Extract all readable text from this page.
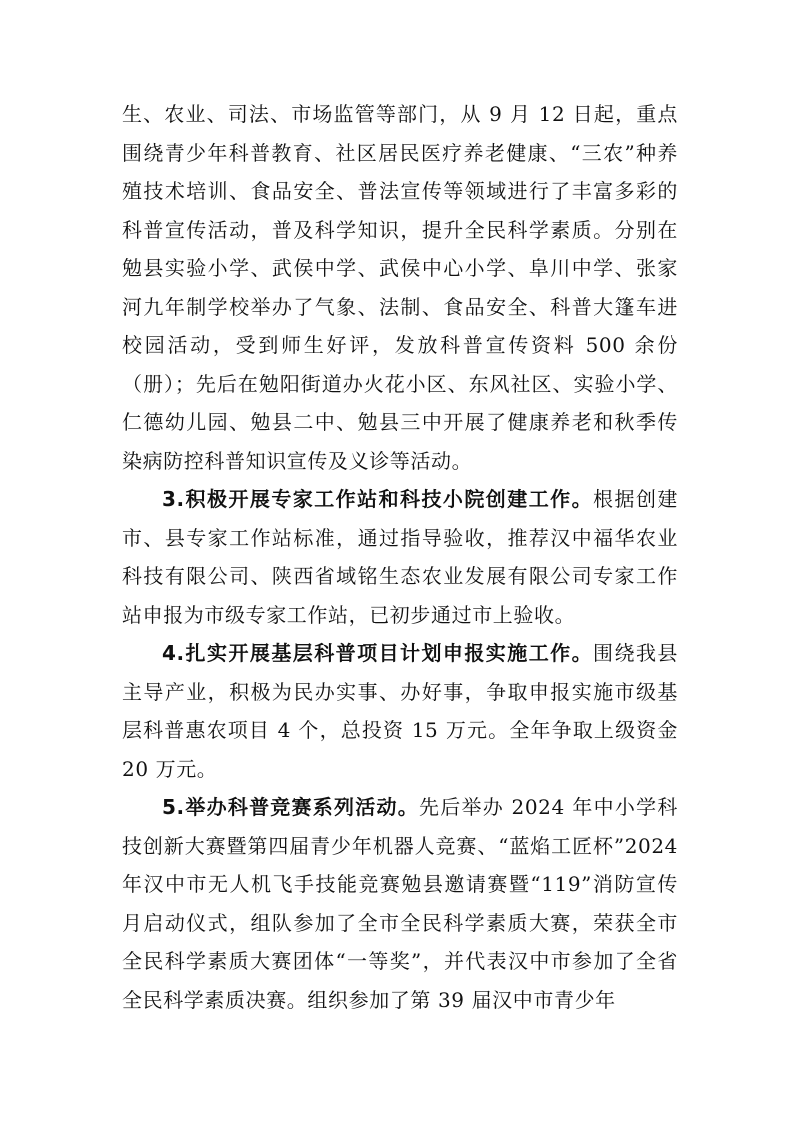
生、农业、司法、市场监管等部门，从 9 月 12 日起，重点围绕青少年科普教育、社区居民医疗养老健康、“三农”种养殖技术培训、食品安全、普法宣传等领域进行了丰富多彩的科普宣传活动，普及科学知识，提升全民科学素质。分别在勉县实验小学、武侯中学、武侯中心小学、阜川中学、张家河九年制学校举办了气象、法制、食品安全、科普大篷车进校园活动，受到师生好评，发放科普宣传资料 500 余份（册）；先后在勉阳街道办火花小区、东风社区、实验小学、仁德幼儿园、勉县二中、勉县三中开展了健康养老和秋季传染病防控科普知识宣传及义诊等活动。

3.积极开展专家工作站和科技小院创建工作。根据创建市、县专家工作站标准，通过指导验收，推荐汉中福华农业科技有限公司、陕西省域铭生态农业发展有限公司专家工作站申报为市级专家工作站，已初步通过市上验收。

4.扎实开展基层科普项目计划申报实施工作。围绕我县主导产业，积极为民办实事、办好事，争取申报实施市级基层科普惠农项目 4 个，总投资 15 万元。全年争取上级资金 20 万元。

5.举办科普竞赛系列活动。先后举办 2024 年中小学科技创新大赛暨第四届青少年机器人竞赛、“蓝焰工匠杯”2024 年汉中市无人机飞手技能竞赛勉县邀请赛暨“119”消防宣传月启动仪式，组队参加了全市全民科学素质大赛，荣获全市全民科学素质大赛团体“一等奖”，并代表汉中市参加了全省全民科学素质决赛。组织参加了第 39 届汉中市青少年
